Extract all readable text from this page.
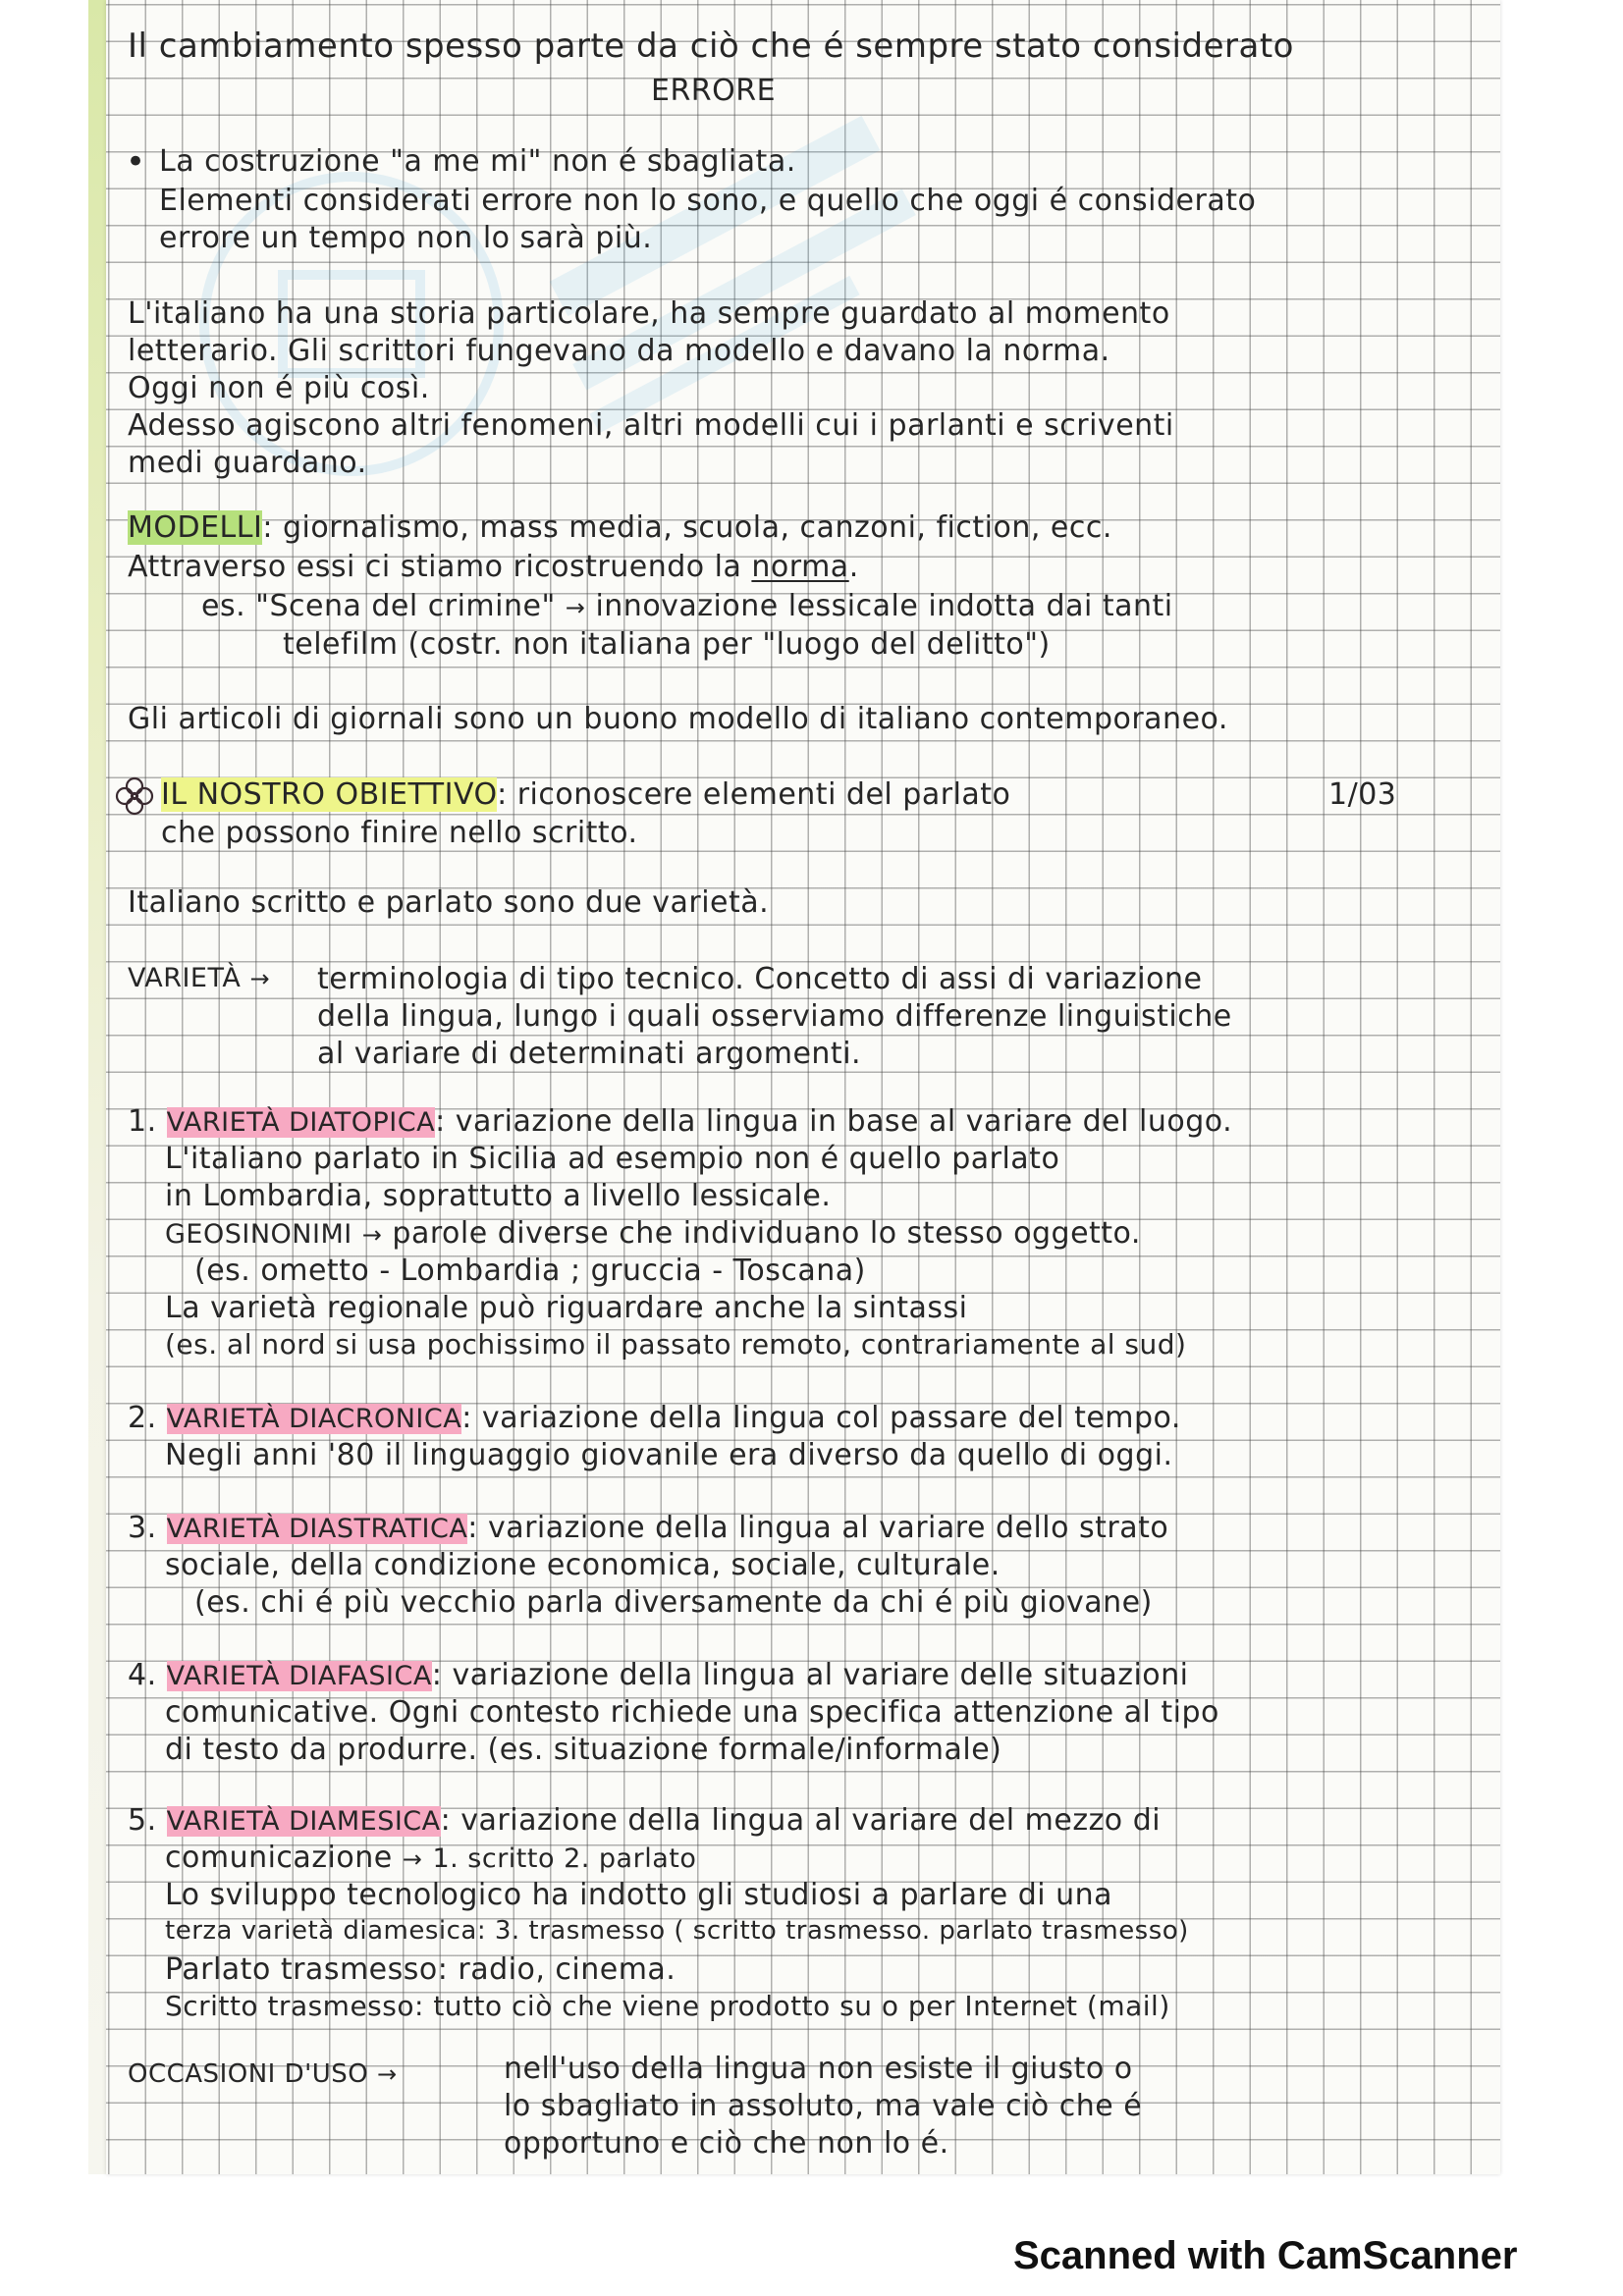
Il cambiamento spesso parte da ciò che é sempre stato considerato
ERRORE
• La costruzione "a me mi" non é sbagliata.
Elementi considerati errore non lo sono, e quello che oggi é considerato
errore un tempo non lo sarà più.
L'italiano ha una storia particolare, ha sempre guardato al momento
letterario. Gli scrittori fungevano da modello e davano la norma.
Oggi non é più così.
Adesso agiscono altri fenomeni, altri modelli cui i parlanti e scriventi
medi guardano.
MODELLI: giornalismo, mass media, scuola, canzoni, fiction, ecc.
Attraverso essi ci stiamo ricostruendo la norma.
es. "Scena del crimine" → innovazione lessicale indotta dai tanti
telefilm (costr. non italiana per "luogo del delitto")
Gli articoli di giornali sono un buono modello di italiano contemporaneo.
IL NOSTRO OBIETTIVO: riconoscere elementi del parlato	1/03
che possono finire nello scritto.
Italiano scritto e parlato sono due varietà.
VARIETÀ → terminologia di tipo tecnico. Concetto di assi di variazione
della lingua, lungo i quali osserviamo differenze linguistiche
al variare di determinati argomenti.
1. VARIETÀ DIATOPICA: variazione della lingua in base al variare del luogo.
L'italiano parlato in Sicilia ad esempio non é quello parlato
in Lombardia, soprattutto a livello lessicale.
GEOSINONIMI → parole diverse che individuano lo stesso oggetto.
(es. ometto - Lombardia ; gruccia - Toscana)
La varietà regionale può riguardare anche la sintassi
(es. al nord si usa pochissimo il passato remoto, contrariamente al sud)
2. VARIETÀ DIACRONICA: variazione della lingua col passare del tempo.
Negli anni '80 il linguaggio giovanile era diverso da quello di oggi.
3. VARIETÀ DIASTRATICA: variazione della lingua al variare dello strato
sociale, della condizione economica, sociale, culturale.
(es. chi é più vecchio parla diversamente da chi é più giovane)
4. VARIETÀ DIAFASICA: variazione della lingua al variare delle situazioni
comunicative. Ogni contesto richiede una specifica attenzione al tipo
di testo da produrre. (es. situazione formale/informale)
5. VARIETÀ DIAMESICA: variazione della lingua al variare del mezzo di
comunicazione → 1. scritto 2. parlato
Lo sviluppo tecnologico ha indotto gli studiosi a parlare di una
terza varietà diamesica: 3. trasmesso ( scritto trasmesso. parlato trasmesso)
Parlato trasmesso: radio, cinema.
Scritto trasmesso: tutto ciò che viene prodotto su o per Internet (mail)
OCCASIONI D'USO →	nell'uso della lingua non esiste il giusto o
lo sbagliato in assoluto, ma vale ciò che é
opportuno e ciò che non lo é.
Scanned with CamScanner
